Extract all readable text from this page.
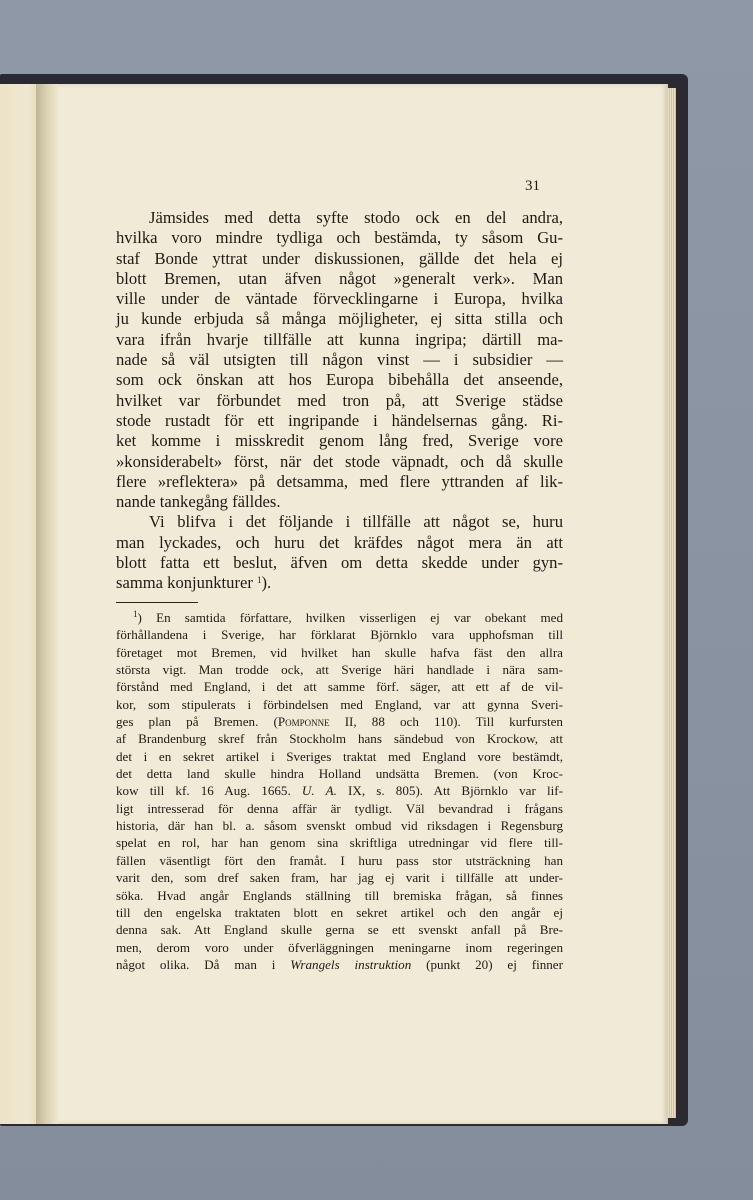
31
Jämsides med detta syfte stodo ock en del andra,
hvilka voro mindre tydliga och bestämda, ty såsom Gu-
staf Bonde yttrat under diskussionen, gällde det hela ej
blott Bremen, utan äfven något »generalt verk». Man
ville under de väntade förvecklingarne i Europa, hvilka
ju kunde erbjuda så många möjligheter, ej sitta stilla och
vara ifrån hvarje tillfälle att kunna ingripa; därtill ma-
nade så väl utsigten till någon vinst — i subsidier —
som ock önskan att hos Europa bibehålla det anseende,
hvilket var förbundet med tron på, att Sverige städse
stode rustadt för ett ingripande i händelsernas gång. Ri-
ket komme i misskredit genom lång fred, Sverige vore
»konsiderabelt» först, när det stode väpnadt, och då skulle
flere »reflektera» på detsamma, med flere yttranden af lik-
nande tankegång fälldes.
Vi blifva i det följande i tillfälle att något se, huru
man lyckades, och huru det kräfdes något mera än att
blott fatta ett beslut, äfven om detta skedde under gyn-
samma konjunkturer $^1$).
$^1$) En samtida författare, hvilken visserligen ej var obekant med
förhållandena i Sverige, har förklarat Björnklo vara upphofsman till
företaget mot Bremen, vid hvilket han skulle hafva fäst den allra
största vigt. Man trodde ock, att Sverige häri handlade i nära sam-
förstånd med England, i det att samme förf. säger, att ett af de vil-
kor, som stipulerats i förbindelsen med England, var att gynna Sveri-
ges plan på Bremen. (Pomponne II, 88 och 110). Till kurfursten
af Brandenburg skref från Stockholm hans sändebud von Krockow, att
det i en sekret artikel i Sveriges traktat med England vore bestämdt,
det detta land skulle hindra Holland undsätta Bremen. (von Kroc-
kow till kf. 16 Aug. 1665. U. A. IX, s. 805). Att Björnklo var lif-
ligt intresserad för denna affär är tydligt. Väl bevandrad i frågans
historia, där han bl. a. såsom svenskt ombud vid riksdagen i Regensburg
spelat en rol, har han genom sina skriftliga utredningar vid flere till-
fällen väsentligt fört den framåt. I huru pass stor utsträckning han
varit den, som dref saken fram, har jag ej varit i tillfälle att under-
söka. Hvad angår Englands ställning till bremiska frågan, så finnes
till den engelska traktaten blott en sekret artikel och den angår ej
denna sak. Att England skulle gerna se ett svenskt anfall på Bre-
men, derom voro under öfverläggningen meningarne inom regeringen
något olika. Då man i Wrangels instruktion (punkt 20) ej finner
